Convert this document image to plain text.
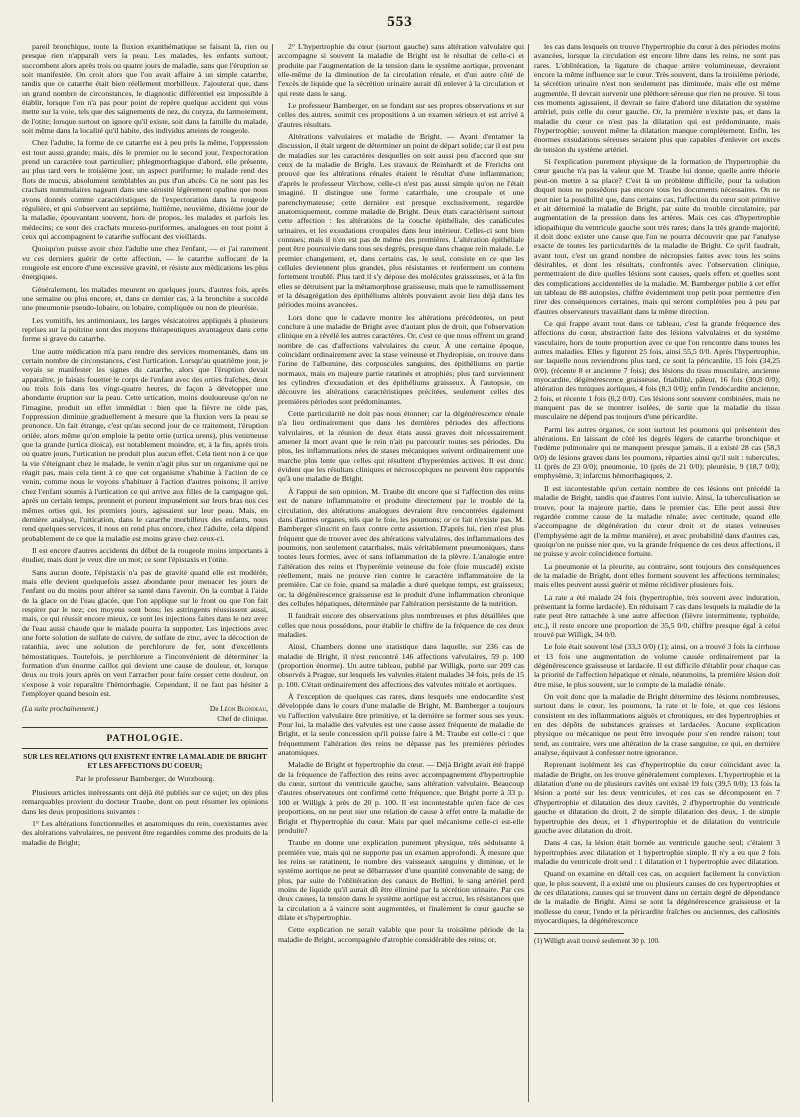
553

pareil bronchique, toute la fluxion exanthématique se faisant là, rien ou presque rien n'apparaît vers la peau. Les malades, les enfants surtout, succombent alors après trois ou quatre jours de maladie, sans que l'éruption se soit manifestée. On croit alors que l'on avait affaire à un simple catarrhe, tandis que ce catarrhe était bien réellement morbilleux. J'ajouterai que, dans un grand nombre de circonstances, le diagnostic différentiel est impossible à établir, lorsque l'on n'a pas pour point de repère quelque accident qui vous mette sur la voie, tels que des saignements de nez, du coryza, du larmoiement, de l'otite; lorsque surtout on ignore qu'il existe, soit dans la famille du malade, soit même dans la localité qu'il habite, des individus atteints de rougeole.

Chez l'adulte, la forme de ce catarrhe est à peu près la même, l'oppression est tout aussi grande; mais, dès le premier ou le second jour, l'expectoration prend un caractère tout particulier; phlegmorrhagique d'abord, elle présente, au plus tard vers le troisième jour, un aspect puriforme; le malade rend des flots de mucus, absolument semblables au pus d'un abcès. Ce ne sont pas les crachats nummulaires nageant dans une sérosité légèrement opaline que nous avons donnés comme caractéristiques de l'expectoration dans la rougeole régulière, et qui s'observent au septième, huitième, neuvième, dixième jour de la maladie, épouvantant souvent, hors de propos, les malades et parfois les médecins; ce sont des crachats muceso-puriformes, analogues en tout point à ceux qui accompagnent le catarrhe suffocant des vieillards.

Quoiqu'on puisse avoir chez l'adulte une chez l'enfant, — et j'ai rarement vu ces derniers guérir de cette affection, — le catarrhe suffocant de la rougeole est encore d'une excessive gravité, et résiste aux médications les plus énergiques.

Généralement, les malades meurent en quelques jours, d'autres fois, après une semaine ou plus encore, et, dans ce dernier cas, à la bronchite a succédé une pneumonie pseudo-lobaire, ou lobaire, compliquée ou non de pleurésie.

Les vomitifs, les antimoniaux, les larges vésicatoires appliqués à plusieurs reprises sur la poitrine sont des moyens thérapeutiques avantageux dans cette forme si grave du catarrhe.

Une autre médication m'a paru rendre des services momentanés, dans un certain nombre de circonstances, c'est l'urtication. Lorsqu'au quatrième jour, je voyais se manifester les signes du catarrhe, alors que l'éruption devait apparaître, je faisais fouetter le corps de l'enfant avec des orties fraîches, deux ou trois fois dans les vingt-quatre heures, de façon à développer une abondante éruption sur la peau. Cette urtication, moins douloureuse qu'on ne l'imagine, produit un effet immédiat : bien que la fièvre ne cède pas, l'oppression diminue graduellement à mesure que la fluxion vers la peau se prononce. Un fait étrange, c'est qu'au second jour de ce traitement, l'éruption ortiée, alors même qu'on emploie la petite ortie (urtica urens), plus venimeuse que la grande (urtica dioica), est notablement moindre, et, à la fin, après trois ou quatre jours, l'urtication ne produit plus aucun effet. Cela tient non à ce que la vie s'éteignant chez le malade, le venin n'agit plus sur un organisme qui ne réagit pas, mais cela tient à ce que cet organisme s'habitue à l'action de ce venin, comme nous le voyons s'habituer à l'action d'autres poisons; il arrive chez l'enfant soumis à l'urtication ce qui arrive aux filles de la campagne qui, après un certain temps, prennent et portent impunément sur leurs bras nus ces mêmes orties qui, les premiers jours, agissaient sur leur peau. Mais, en dernière analyse, l'urtication, dans le catarrhe morbilleux des enfants, nous rend quelques services, il nous en rend plus encore, chez l'adulte, cela dépend probablement de ce que la maladie est moins grave chez ceux-ci.

Il est encore d'autres accidents du début de la rougeole moins importants à étudier, mais dont je veux dire un mot; ce sont l'épistaxis et l'otite.

Sans aucun doute, l'épistaxis n'a pas de gravité quand elle est modérée, mais elle devient quelquefois assez abondante pour menacer les jours de l'enfant ou du moins pour altérer sa santé dans l'avenir. On la combat à l'aide de la glace ou de l'eau glacée, que l'on applique sur le front ou que l'on fait respirer par le nez; ces moyens sont bons; les astringents réussissent aussi, mais, ce qui réussit encore mieux, ce sont les injections faites dans le nez avec de l'eau aussi chaude que le malade pourra la supporter. Les injections avec une forte solution de sulfate de cuivre, de sulfate de zinc, avec la décoction de ratanhia, avec une solution de perchlorure de fer, sont d'excellents hémostatiques. Toutefois, je perchlorure a l'inconvénient de déterminer la formation d'un énorme caillot qui devient une cause de douleur, et, lorsque deux ou trois jours après on veut l'arracher pour faire cesser cette douleur, on s'expose à voir reparaître l'hémorrhagie. Cependant, il ne faut pas hésiter à l'employer quand besoin est.

(La suite prochainement.)	Dr Léon Blondeau,
Chef de clinique.
PATHOLOGIE.
SUR LES RELATIONS QUI EXISTENT ENTRE LA MALADIE DE BRIGHT ET LES AFFECTIONS DU COEUR;
Par le professeur Bamberger, de Wurzbourg.

Plusieurs articles intéressants ont déjà été publiés sur ce sujet; un des plus remarquables provient du docteur Traube, dont on peut résumer les opinions dans les deux propositions suivantes :

1° Les altérations fonctionnelles et anatomiques du rein, coexistantes avec des altérations valvulaires, ne peuvent être regardées comme des produits de la maladie de Bright;

2° L'hypertrophie du cœur (surtout gauche) sans altération valvulaire qui accompagne si souvent la maladie de Bright est le résultat de celle-ci et produite par l'augmentation de la tension dans le système aortique, provenant elle-même de la diminution de la circulation rénale, et d'un autre côté de l'excès de liquide que la sécrétion urinaire aurait dû enlever à la circulation et qui reste dans le sang.

Le professeur Bamberger, en se fondant sur ses propres observations et sur celles des autres, soumit ces propositions à un examen sérieux et est arrivé à d'autres résultats.

Altérations valvulaires et maladie de Bright. — Avant d'entamer la discussion, il était urgent de déterminer un point de départ solide; car il est peu de maladies sur les caractères desquelles on soit aussi peu d'accord que sur ceux de la maladie de Bright. Les travaux de Reinhardt et de Frerichs ont prouvé que les altérations rénales étaient le résultat d'une inflammation; d'après le professeur Virchow, celle-ci n'est pas aussi simple qu'on ne l'était imaginé. Il distingue une forme catarrhale, une croupale et une parenchymateuse; cette dernière est presque exclusivement, regardée anatomiquement, comme maladie de Bright. Deux états caractérisent surtout cette affection : les altérations de la couche épithéliale, des canalicules urinaires, et les exsudations croupales dans leur intérieur. Celles-ci sont bien connues; mais il n'en est pas de même des premières. L'altération épithéliale peut être poursuivie dans tous ses degrés, presque dans chaque rein malade. Le premier changement, et, dans certains cas, le seul, consiste en ce que les cellules deviennent plus grandes, plus résistantes et renferment un contenu fortement troublé. Plus tard il s'y dépose des molécules graisseuses, et à la fin elles se détruisent par la métamorphose graisseuse, mais que le ramollissement et la désagrégation des épithéliums altérés pouvaient avoir lieu déjà dans les périodes moins avancées.

Lors donc que le cadavre montre les altérations précédentes, on peut conclure à une maladie de Bright avec d'autant plus de droit, que l'observation clinique en a révélé les autres caractères. Or, c'est ce que nous offrent un grand nombre de cas d'affections valvulaires du cœur. À une certaine époque, coïncidant ordinairement avec la stase veineuse et l'hydropisie, on trouve dans l'urine de l'albumine, des corpuscules sanguins, des épithéliums en partie normaux, mais en majeure partie ratatinés et atrophiés; plus tard surviennent les cylindres d'exsudation et des épithéliums graisseux. À l'autopsie, on découvre les altérations caractéristiques précitées, seulement celles des premières périodes sont prédominantes.

Cette particularité ne doit pas nous étonner; car la dégénérescence rénale n'a lieu ordinairement que dans les dernières périodes des affections valvulaires, et la réunion de deux états aussi graves doit nécessairement amener la mort avant que le rein n'ait pu parcourir toutes ses périodes. Du plus, les inflammations nées de stases mécaniques suivent ordinairement une marche plus lente que celles qui résultent d'hyperémies actives. Il est donc évident que les résultats cliniques et nécroscopiques ne peuvent être rapportés qu'à une maladie de Bright.

À l'appui de son opinion, M. Traube dit encore que si l'affection des reins est de nature inflammatoire et produite directement par le trouble de la circulation, des altérations analogues devraient être rencontrées également dans d'autres organes, tels que le foie, les poumons; or ce fait n'existe pas. M. Bamberger s'inscrit en faux contre cette assertion. D'après lui, rien n'est plus fréquent que de trouver avec des altérations valvulaires, des inflammations des poumons, non seulement catarrhales, mais véritablement pneumoniques, dans toutes leurs formes, avec et sans inflammation de la plèvre. L'analogie entre l'altération des reins et l'hyperémie veineuse du foie (foie muscadé) existe réellement, mais ne prouve rien contre le caractère inflammatoire de la première. Car ce foie, quand sa maladie a duré quelque temps, est graisseux; or, la dégénérescence graisseuse est le produit d'une inflammation chronique des cellules hépatiques, déterminée par l'altération persistante de la nutrition.

Il faudrait encore des observations plus nombreuses et plus détaillées que celles que nous possédons, pour établir le chiffre de la fréquence de ces deux maladies.

Ainsi, Chambers donne une statistique dans laquelle, sur 236 cas de maladie de Bright, il n'est rencontré 146 affections valvulaires, 59 p. 100 (proportion énorme). Un autre tableau, publié par Willigk, porte sur 209 cas observés à Prague, sur lesquels les valvules étaient malades 34 fois, près de 15 p. 100. C'était ordinairement des affections des valvules mitrale et aortiques.

À l'exception de quelques cas rares, dans lesquels une endocardite s'est développée dans le cours d'une maladie de Bright, M. Bamberger a toujours vu l'affection valvulaire être primitive, et la dernière se former sous ses yeux. Pour lui, la maladie des valvules est une cause assez fréquente de maladie de Bright, et la seule concession qu'il puisse faire à M. Traube est celle-ci : que fréquemment l'altération des reins ne dépasse pas les premières périodes anatomiques.

Maladie de Bright et hypertrophie du cœur. — Déjà Bright avait été frappé de la fréquence de l'affection des reins avec accompagnement d'hypertrophie du cœur, surtout du ventricule gauche, sans altération valvulaire. Beaucoup d'autres observateurs ont confirmé cette fréquence, que Bright porte à 33 p. 100 et Willigk à près de 20 p. 100. Il est incontestable qu'en face de ces proportions, on ne peut nier une relation de cause à effet entre la maladie de Bright et l'hypertrophie du cœur. Mais par quel mécanisme celle-ci est-elle produite?

Traube en donne une explication purement physique, très séduisante à première vue, mais qui ne supporte pas un examen approfondi. À mesure que les reins se ratatinent, le nombre des vaisseaux sanguins y diminue, et le système aortique ne peut se débarrasser d'une quantité convenable de sang; de plus, par suite de l'oblitération des canaux de Bellini, le sang artériel perd moins de liquide qu'il aurait dû être éliminé par la sécrétion urinaire. Par ces deux causes, la tension dans le système aortique est accrue, les résistances que la circulation a à vaincre sont augmentées, et finalement le cœur gauche se dilate et s'hypertrophie.

Cette explication ne serait valable que pour la troisième période de la maladie de Bright, accompagnée d'atrophie considérable des reins; or,

les cas dans lesquels on trouve l'hypertrophie du cœur à des périodes moins avancées, lorsque la circulation est encore libre dans les reins, ne sont pas rares. L'oblitération, la ligature de chaque artère volumineuse, devraient encore la même influence sur le cœur. Très souvent, dans la troisième période, la sécrétion urinaire n'est non seulement pas diminuée, mais elle est même augmentée. Il devrait survenir une pléthore séreuse que rien ne prouve. Si tous ces moments agissaient, il devrait se faire d'abord une dilatation du système artériel, puis celle du cœur gauche. Or, la première n'existe pas, et dans la maladie du cœur ce n'est pas la dilatation qui est prédominante, mais l'hypertrophie; souvent même la dilatation manque complètement. Enfin, les énormes exsudations séreuses seraient plus que capables d'enlever cet excès de tension du système artériel.

Si l'explication purement physique de la formation de l'hypertrophie du cœur gauche n'a pas la valeur que M. Traube lui donne, quelle autre théorie peut-on mettre à sa place? C'est là un problème difficile, pour la solution duquel nous ne possédons pas encore tous les documents nécessaires. On ne peut nier la possibilité que, dans certains cas, l'affection du cœur soit primitive et ait déterminé la maladie de Bright, par suite du trouble circulatoire, par augmentation de la pression dans les artères. Mais ces cas d'hypertrophie idiopathique du ventricule gauche sont très rares; dans la très grande majorité, il doit donc exister une cause que l'on ne pourra découvrir que par l'analyse exacte de toutes les particularités de la maladie de Bright. Ce qu'il faudrait, avant tout, c'est un grand nombre de nécropsies faites avec tous les soins désirables, et dont les résultats, confrontés avec l'observation clinique, permettraient de dire quelles lésions sont causes, quels effets et quelles sont des complications accidentelles de la maladie. M. Bamberger publie à cet effet un tableau de 88 autopsies, chiffre évidemment trop petit pour permettre d'en tirer des conséquences certaines, mais qui seront complétées peu à peu par d'autres observateurs travaillant dans la même direction.

Ce qui frappe avant tout dans ce tableau, c'est la grande fréquence des affections du cœur, abstraction faite des lésions valvulaires et du système vasculaire, hors de toute proportion avec ce que l'on rencontre dans toutes les autres maladies. Elles y figurent 25 fois, ainsi 55,5 0/0. Après l'hypertrophie, sur laquelle nous reviendrons plus tard, ce sont la péricardite, 15 fois (34,25 0/0), (récente 8 et ancienne 7 fois); des lésions du tissu musculaire, ancienne myocardite, dégénérescence graisseuse, friabilité, pâleur, 16 fois (30,8 0/0); altération des tuniques aortiques, 4 fois (8,3 0/0); enfin l'endocardite ancienne, 2 fois, et récente 1 fois (6,2 0/0). Ces lésions sont souvent combinées, mais ne manquent pas de se montrer isolées, de sorte que la maladie du tissu musculaire ne dépend pas toujours d'une péricardite.

Parmi les autres organes, ce sont surtout les poumons qui présentent des altérations. En laissant de côté les degrés légers de catarrhe bronchique et l'œdème pulmonaire qui ne manquent presque jamais, il a existé 28 cas (58,3 0/0) de lésions graves dans les poumons, réparties ainsi qu'il suit : tubercules, 11 (près de 23 0/0); pneumonie, 10 (près de 21 0/0); pleurésie, 9 (18,7 0/0); emphysème, 3; infarctus hémorrhagiques, 2.

Il est incontestable qu'un certain nombre de ces lésions ont précédé la maladie de Bright, tandis que d'autres l'ont suivie. Ainsi, la tuberculisation se trouve, pour la majeure partie, dans le premier cas. Elle peut aussi être regardée comme cause de la maladie rénale; avec certitude, quand elle s'accompagne de dégénération du cœur droit et de stases veineuses (l'emphysème agit de la même manière), et avec probabilité dans d'autres cas, quoiqu'on ne puisse nier que, vu la grande fréquence de ces deux affections, il ne puisse y avoir coïncidence fortuite.

La pneumonie et la pleurite, au contraire, sont toujours des conséquences de la maladie de Bright, dont elles forment souvent les affections terminales; mais elles peuvent aussi guérir et même récidiver plusieurs fois.

La rate a été malade 24 fois (hypertrophie, très souvent avec induration, présentant la forme lardacée). En réduisant 7 cas dans lesquels la maladie de la rate peut être rattachée à une autre affection (fièvre intermittente, typhoïde, etc.), il reste encore une proportion de 35,5 0/0, chiffre presque égal à celui trouvé par Willigk, 34 0/0.

Le foie était souvent lésé (33,3 0/0) (1); ainsi, on a trouvé 3 fois la cirrhose et 13 fois une augmentation de volume causée ordinairement par la dégénérescence graisseuse et lardacée. Il est difficile d'établir pour chaque cas la priorité de l'affection hépatique et rénale, néanmoins, la première lésion doit être mise, le plus souvent, sur le compte de la maladie rénale.

On voit donc que la maladie de Bright détermine des lésions nombreuses, surtout dans le cœur, les poumons, la rate et le foie, et que ces lésions consistent en des inflammations aiguës et chroniques, en des hypertrophies et en des dépôts de substances graisses et lardacées. Aucune explication physique ou mécanique ne peut être invoquée pour s'en rendre raison; tout tend, au contraire, vers une altération de la crase sanguine, ce qui, en dernière analyse, équivaut à confesser notre ignorance.

Reprenant isolément les cas d'hypertrophie du cœur coïncidant avec la maladie de Bright, on les trouve généralement complexes. L'hypertrophie et la dilatation d'une ou de plusieurs cavités ont existé 19 fois (39,5 0/0); 13 fois la lésion a porté sur les deux ventricules, et ces cas se décomposent en 7 d'hypertrophie et dilatation des deux cavités, 2 d'hypertrophie du ventricule gauche et dilatation du droit, 2 de simple dilatation des deux, 1 de simple hypertrophie des deux, et 1 d'hypertrophie et de dilatation du ventricule gauche avec dilatation du droit.

Dans 4 cas, la lésion était bornée au ventricule gauche seul; c'étaient 3 hypertrophies avec dilatation et 1 hypertrophie simple. Il n'y a eu que 2 fois maladie du ventricule droit seul : 1 dilatation et 1 hypertrophie avec dilatation.

Quand on examine en détail ces cas, on acquiert facilement la conviction que, le plus souvent, il a existé une ou plusieurs causes de ces hypertrophies et de ces dilatations, causes qui se trouvent dans un certain degré de dépendance de la maladie de Bright. Ainsi se sont la dégénérescence graisseuse et la mollesse du cœur, l'endo et la péricardite fraîches ou anciennes, des callosités myocardiques, la dégénérescence

(1) Willigh avait trouvé seulement 30 p. 100.
